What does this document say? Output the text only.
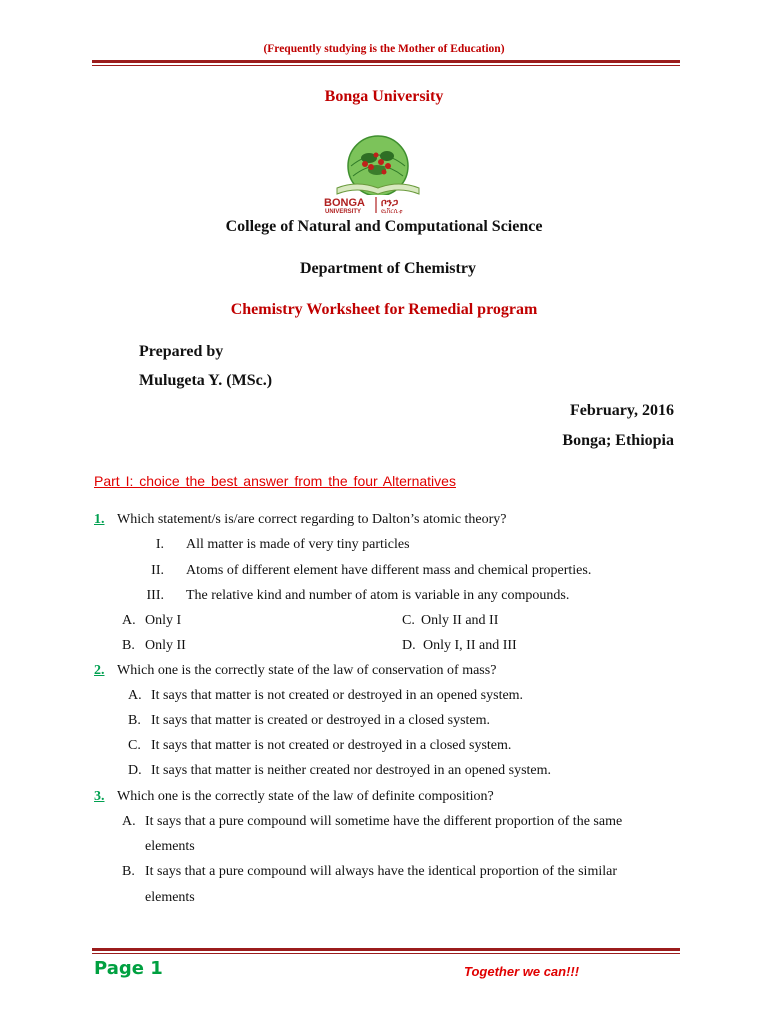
(Frequently studying is the Mother of Education)
Bonga University
BONGA
UNIVERSITY
ቦንጋ
ዩኒቨርሲቲ
College of Natural and Computational Science
Department of Chemistry
Chemistry Worksheet for Remedial program
Prepared by
Mulugeta Y. (MSc.)
February, 2016
Bonga; Ethiopia
Part I: choice the best answer from the four Alternatives
1. Which statement/s is/are correct regarding to Dalton’s atomic theory?
I. All matter is made of very tiny particles
II. Atoms of different element have different mass and chemical properties.
III. The relative kind and number of atom is variable in any compounds.
A. Only I	C. Only II and II
B. Only II	D. Only I, II and III
2. Which one is the correctly state of the law of conservation of mass?
A. It says that matter is not created or destroyed in an opened system.
B. It says that matter is created or destroyed in a closed system.
C. It says that matter is not created or destroyed in a closed system.
D. It says that matter is neither created nor destroyed in an opened system.
3. Which one is the correctly state of the law of definite composition?
A. It says that a pure compound will sometime have the different proportion of the same
elements
B. It says that a pure compound will always have the identical proportion of the similar
elements
Page 1	Together we can!!!
